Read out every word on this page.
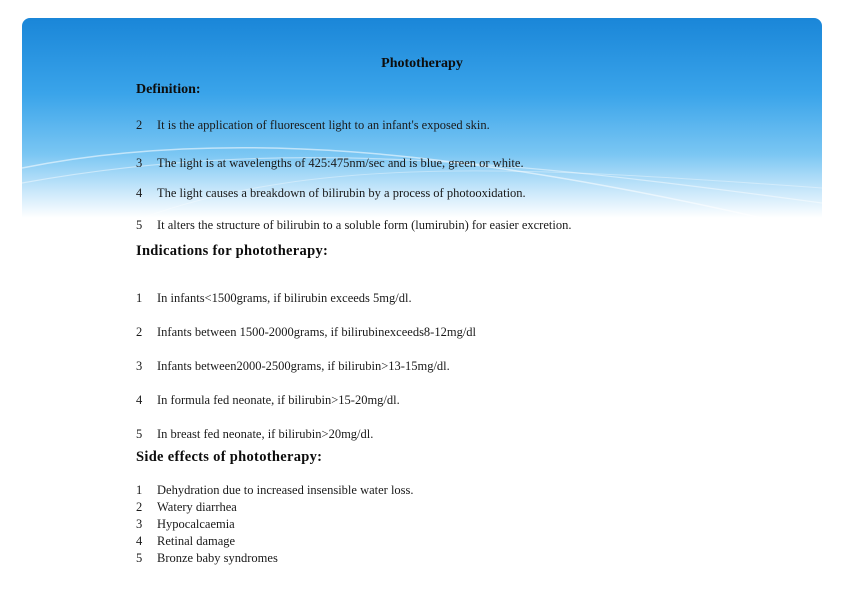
Phototherapy
Definition:
2 It is the application of fluorescent light to an infant's exposed skin.
3 The light is at wavelengths of 425:475nm/sec and is blue, green or white.
4 The light causes a breakdown of bilirubin by a process of photooxidation.
5 It alters the structure of bilirubin to a soluble form (lumirubin) for easier excretion.
Indications for phototherapy:
1 In infants<1500grams, if bilirubin exceeds 5mg/dl.
2 Infants between 1500-2000grams, if bilirubinexceeds8-12mg/dl
3 Infants between2000-2500grams, if bilirubin>13-15mg/dl.
4 In formula fed neonate, if bilirubin>15-20mg/dl.
5 In breast fed neonate, if bilirubin>20mg/dl.
Side effects of phototherapy:
1 Dehydration due to increased insensible water loss.
2 Watery diarrhea
3 Hypocalcaemia
4 Retinal damage
5 Bronze baby syndromes
